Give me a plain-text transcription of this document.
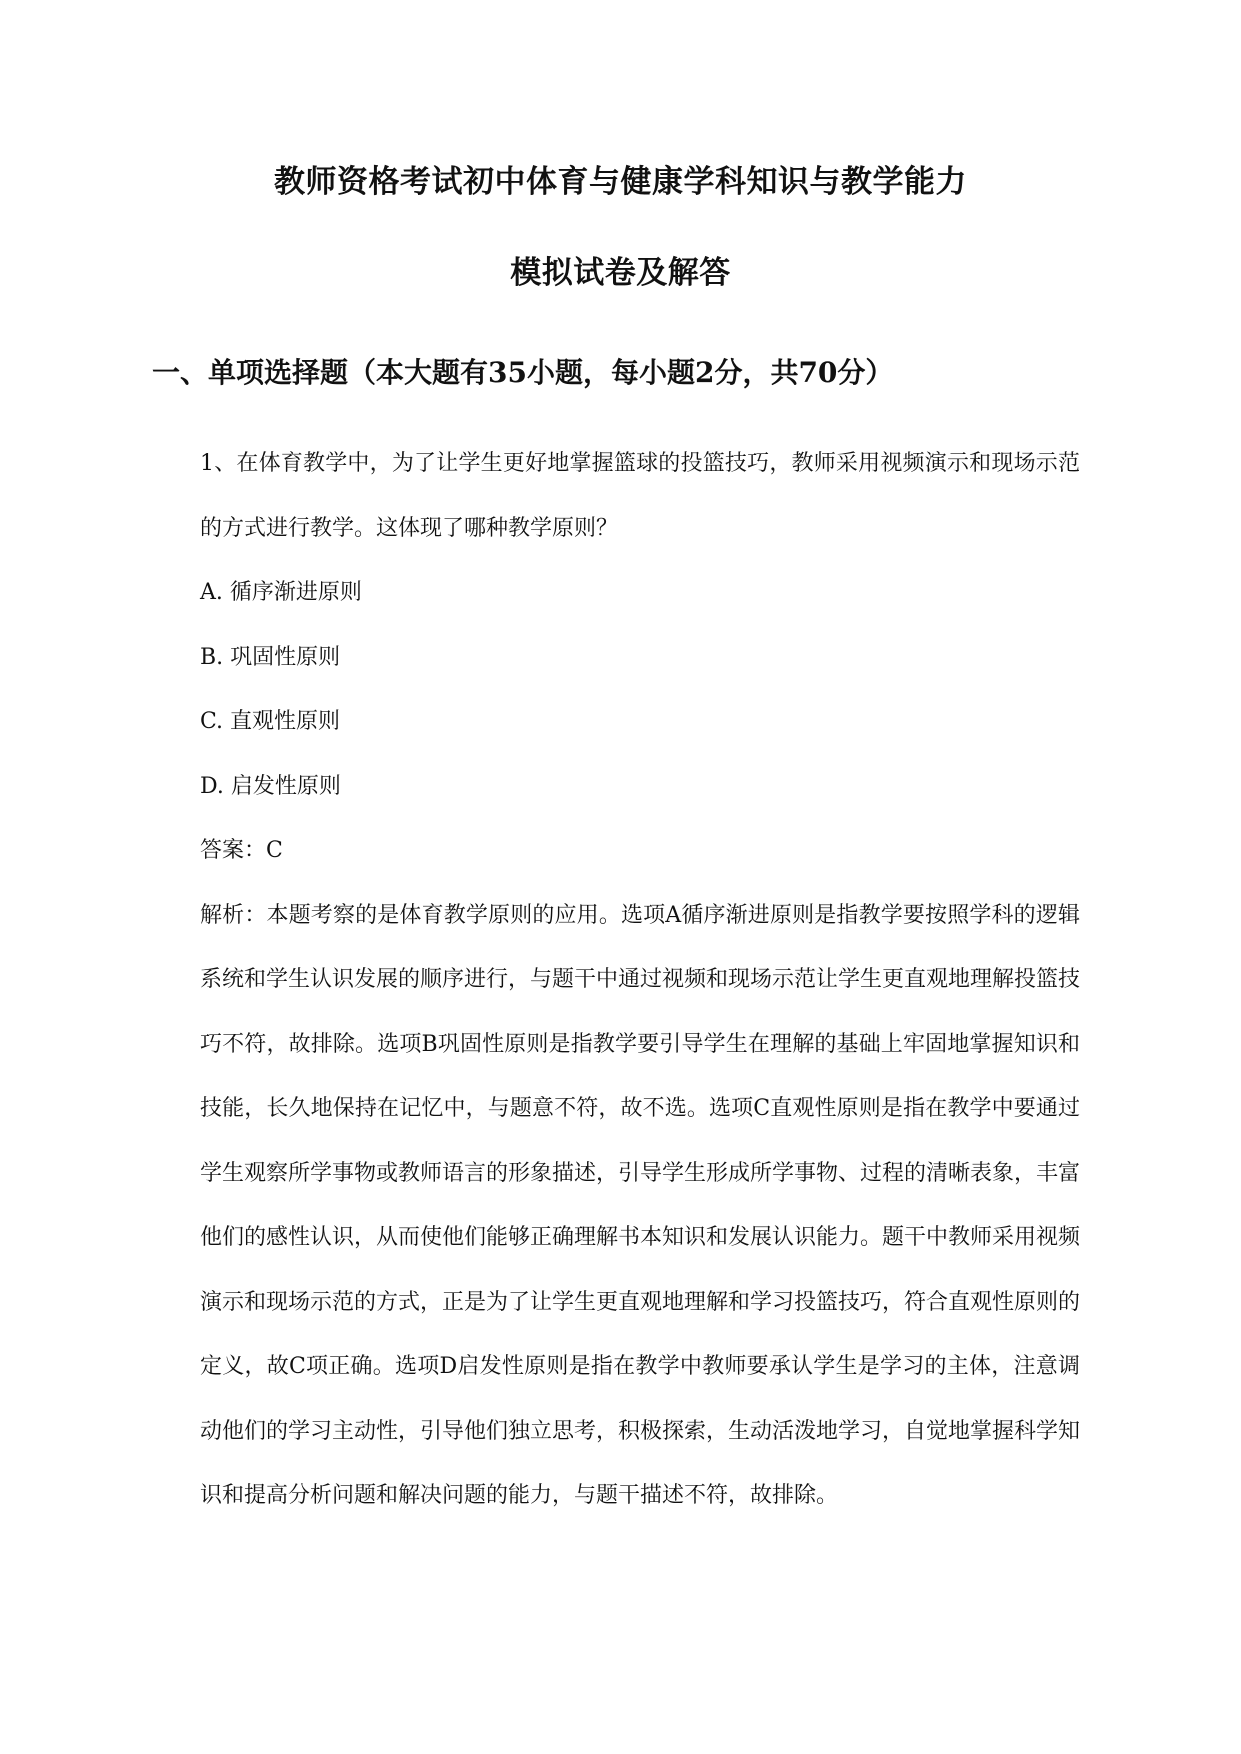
教师资格考试初中体育与健康学科知识与教学能力
模拟试卷及解答
一、单项选择题（本大题有35小题，每小题2分，共70分）

1、在体育教学中，为了让学生更好地掌握篮球的投篮技巧，教师采用视频演示和现场示范的方式进行教学。这体现了哪种教学原则？

A. 循序渐进原则

B. 巩固性原则

C. 直观性原则

D. 启发性原则

答案：C

解析：本题考察的是体育教学原则的应用。选项A循序渐进原则是指教学要按照学科的逻辑系统和学生认识发展的顺序进行，与题干中通过视频和现场示范让学生更直观地理解投篮技巧不符，故排除。选项B巩固性原则是指教学要引导学生在理解的基础上牢固地掌握知识和技能，长久地保持在记忆中，与题意不符，故不选。选项C直观性原则是指在教学中要通过学生观察所学事物或教师语言的形象描述，引导学生形成所学事物、过程的清晰表象，丰富他们的感性认识，从而使他们能够正确理解书本知识和发展认识能力。题干中教师采用视频演示和现场示范的方式，正是为了让学生更直观地理解和学习投篮技巧，符合直观性原则的定义，故C项正确。选项D启发性原则是指在教学中教师要承认学生是学习的主体，注意调动他们的学习主动性，引导他们独立思考，积极探索，生动活泼地学习，自觉地掌握科学知识和提高分析问题和解决问题的能力，与题干描述不符，故排除。
